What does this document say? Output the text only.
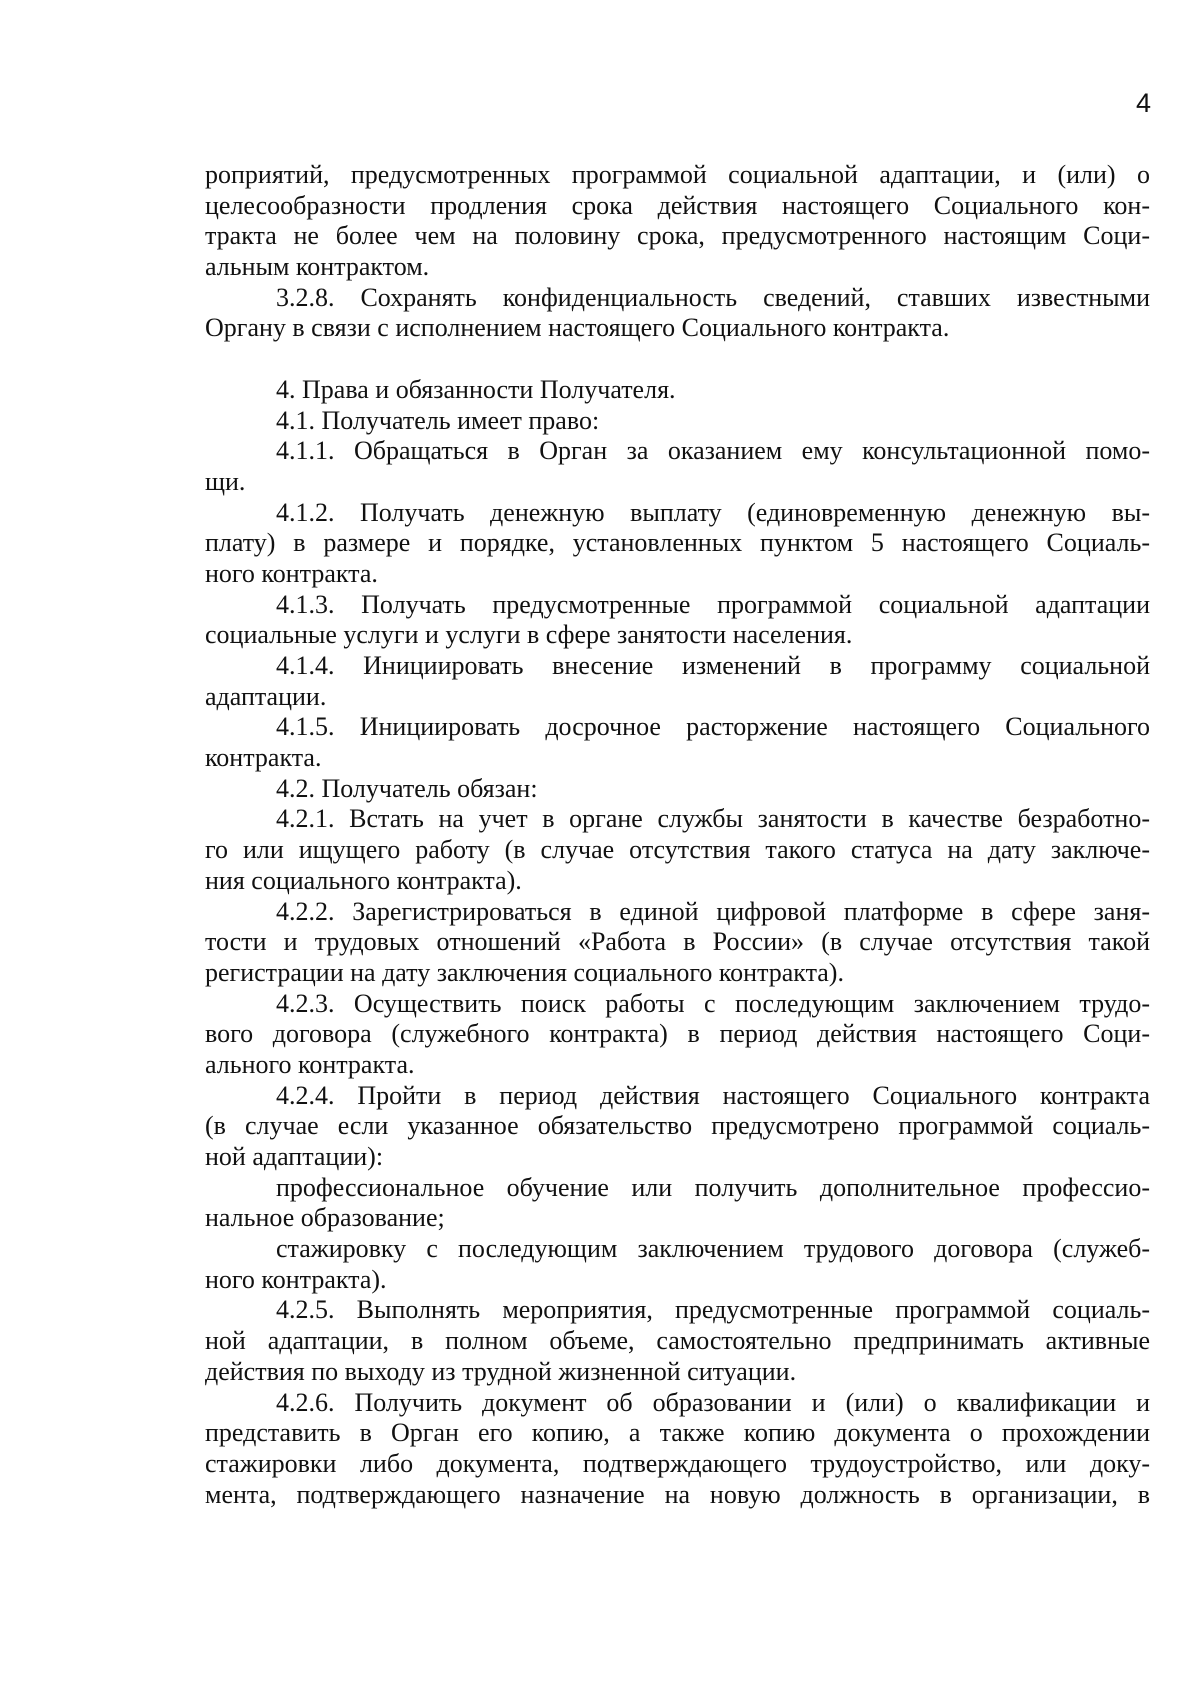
4
роприятий, предусмотренных программой социальной адаптации, и (или) о
целесообразности продления срока действия настоящего Социального кон-
тракта не более чем на половину срока, предусмотренного настоящим Соци-
альным контрактом.
3.2.8. Сохранять конфиденциальность сведений, ставших известными
Органу в связи с исполнением настоящего Социального контракта.
4. Права и обязанности Получателя.
4.1. Получатель имеет право:
4.1.1. Обращаться в Орган за оказанием ему консультационной помо-
щи.
4.1.2. Получать денежную выплату (единовременную денежную вы-
плату) в размере и порядке, установленных пунктом 5 настоящего Социаль-
ного контракта.
4.1.3. Получать предусмотренные программой социальной адаптации
социальные услуги и услуги в сфере занятости населения.
4.1.4. Инициировать внесение изменений в программу социальной
адаптации.
4.1.5. Инициировать досрочное расторжение настоящего Социального
контракта.
4.2. Получатель обязан:
4.2.1. Встать на учет в органе службы занятости в качестве безработно-
го или ищущего работу (в случае отсутствия такого статуса на дату заключе-
ния социального контракта).
4.2.2. Зарегистрироваться в единой цифровой платформе в сфере заня-
тости и трудовых отношений «Работа в России» (в случае отсутствия такой
регистрации на дату заключения социального контракта).
4.2.3. Осуществить поиск работы с последующим заключением трудо-
вого договора (служебного контракта) в период действия настоящего Соци-
ального контракта.
4.2.4. Пройти в период действия настоящего Социального контракта
(в случае если указанное обязательство предусмотрено программой социаль-
ной адаптации):
профессиональное обучение или получить дополнительное профессио-
нальное образование;
стажировку с последующим заключением трудового договора (служеб-
ного контракта).
4.2.5. Выполнять мероприятия, предусмотренные программой социаль-
ной адаптации, в полном объеме, самостоятельно предпринимать активные
действия по выходу из трудной жизненной ситуации.
4.2.6. Получить документ об образовании и (или) о квалификации и
представить в Орган его копию, а также копию документа о прохождении
стажировки либо документа, подтверждающего трудоустройство, или доку-
мента, подтверждающего назначение на новую должность в организации, в
